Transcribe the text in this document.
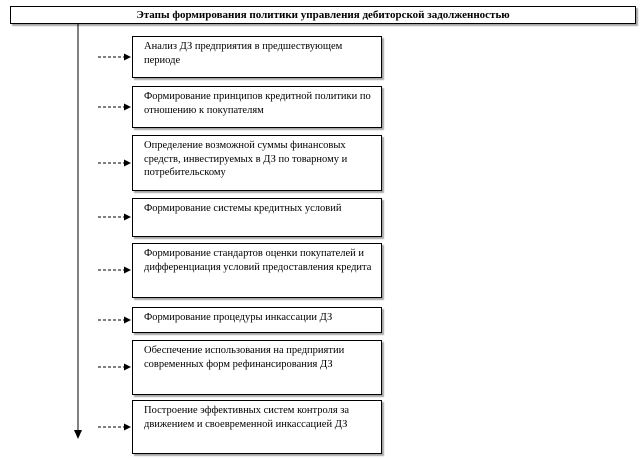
Этапы формирования политики управления дебиторской задолженностью
Анализ ДЗ предприятия в предшествующем периоде
Формирование принципов кредитной политики по отношению к покупателям
Определение возможной суммы финансовых средств, инвестируемых в ДЗ по товарному и потребительскому
Формирование системы кредитных условий
Формирование стандартов оценки покупателей и дифференциация условий предоставления кредита
Формирование процедуры инкассации ДЗ
Обеспечение использования на предприятии современных форм рефинансирования ДЗ
Построение эффективных систем контроля за движением и своевременной инкассацией ДЗ
